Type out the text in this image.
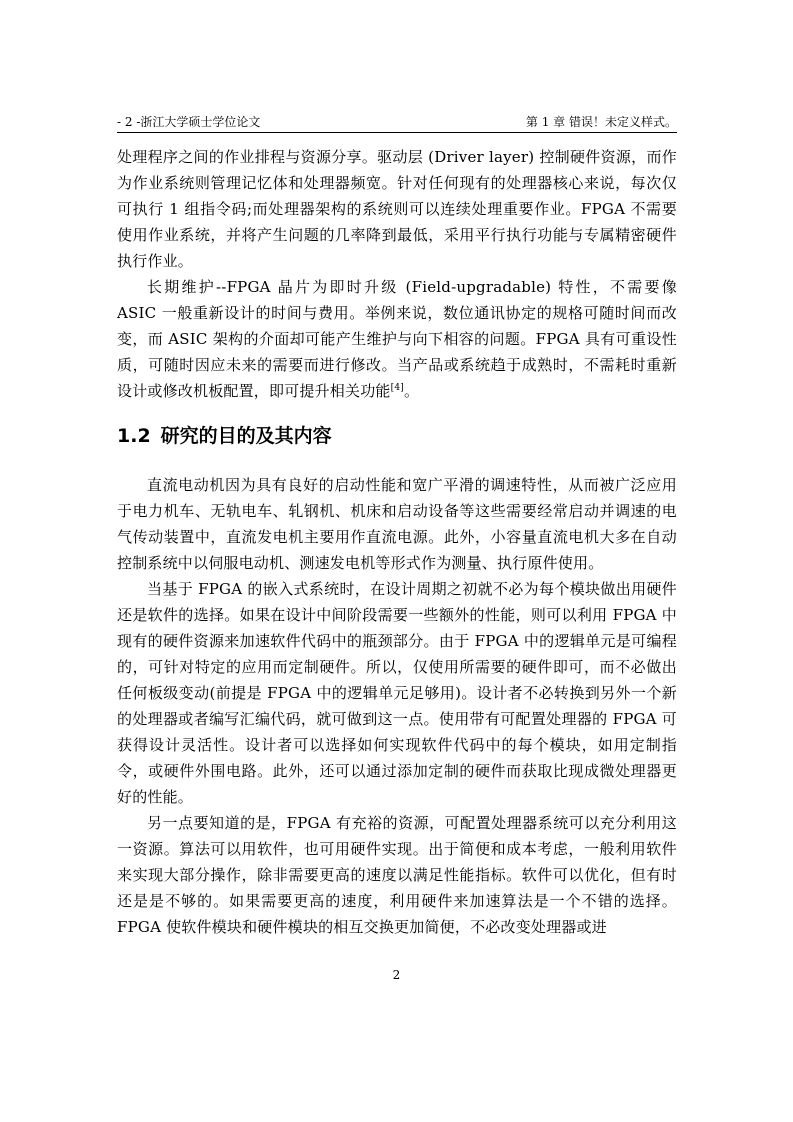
- 2 -浙江大学硕士学位论文	第 1 章 错误！未定义样式。

处理程序之间的作业排程与资源分享。驱动层 (Driver layer) 控制硬件资源，而作为作业系统则管理记忆体和处理器频宽。针对任何现有的处理器核心来说，每次仅可执行 1 组指令码;而处理器架构的系统则可以连续处理重要作业。FPGA 不需要使用作业系统，并将产生问题的几率降到最低，采用平行执行功能与专属精密硬件执行作业。

长期维护--FPGA 晶片为即时升级 (Field-upgradable) 特性，不需要像 ASIC 一般重新设计的时间与费用。举例来说，数位通讯协定的规格可随时间而改变，而 ASIC 架构的介面却可能产生维护与向下相容的问题。FPGA 具有可重设性质，可随时因应未来的需要而进行修改。当产品或系统趋于成熟时，不需耗时重新设计或修改机板配置，即可提升相关功能[4]。

1.2 研究的目的及其内容

直流电动机因为具有良好的启动性能和宽广平滑的调速特性，从而被广泛应用于电力机车、无轨电车、轧钢机、机床和启动设备等这些需要经常启动并调速的电气传动装置中，直流发电机主要用作直流电源。此外，小容量直流电机大多在自动控制系统中以伺服电动机、测速发电机等形式作为测量、执行原件使用。

当基于 FPGA 的嵌入式系统时，在设计周期之初就不必为每个模块做出用硬件还是软件的选择。如果在设计中间阶段需要一些额外的性能，则可以利用 FPGA 中现有的硬件资源来加速软件代码中的瓶颈部分。由于 FPGA 中的逻辑单元是可编程的，可针对特定的应用而定制硬件。所以，仅使用所需要的硬件即可，而不必做出任何板级变动(前提是 FPGA 中的逻辑单元足够用)。设计者不必转换到另外一个新的处理器或者编写汇编代码，就可做到这一点。使用带有可配置处理器的 FPGA 可获得设计灵活性。设计者可以选择如何实现软件代码中的每个模块，如用定制指令，或硬件外围电路。此外，还可以通过添加定制的硬件而获取比现成微处理器更好的性能。

另一点要知道的是，FPGA 有充裕的资源，可配置处理器系统可以充分利用这一资源。算法可以用软件，也可用硬件实现。出于简便和成本考虑，一般利用软件来实现大部分操作，除非需要更高的速度以满足性能指标。软件可以优化，但有时还是是不够的。如果需要更高的速度，利用硬件来加速算法是一个不错的选择。FPGA 使软件模块和硬件模块的相互交换更加简便，不必改变处理器或进

2
